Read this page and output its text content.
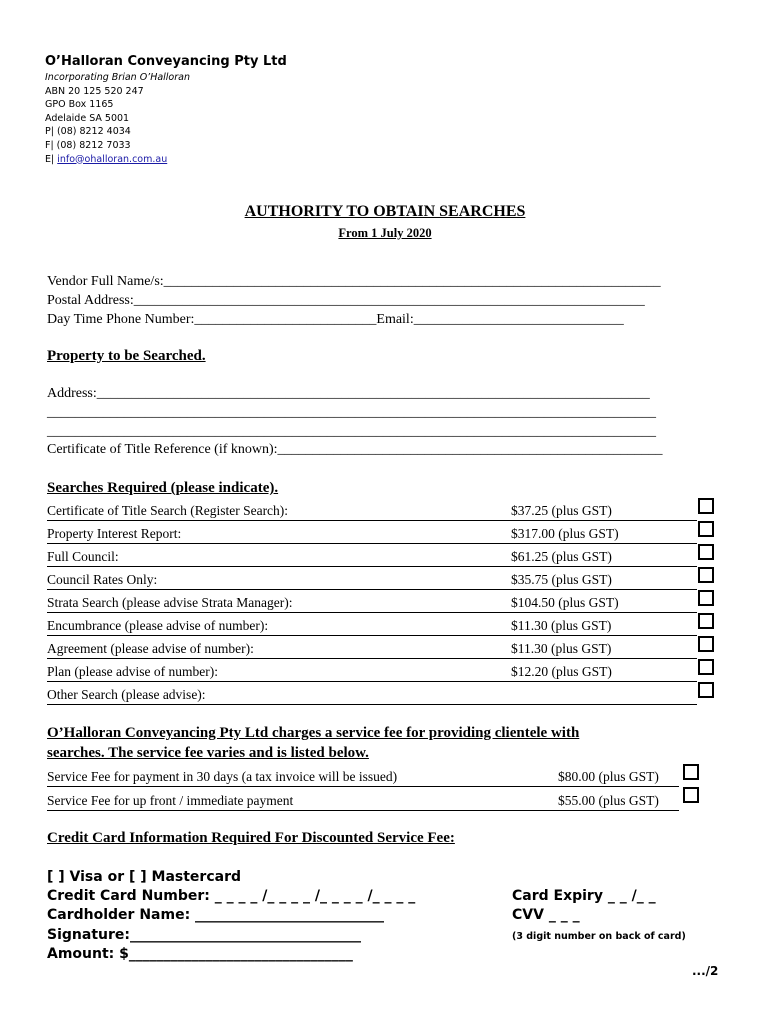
O’Halloran Conveyancing Pty Ltd
Incorporating Brian O’Halloran
ABN 20 125 520 247
GPO Box 1165
Adelaide SA 5001
P| (08) 8212 4034
F| (08) 8212 7033
E| info@ohalloran.com.au
AUTHORITY TO OBTAIN SEARCHES
From 1 July 2020
Vendor Full Name/s:_______________________________________________________________________
Postal Address:_________________________________________________________________________
Day Time Phone Number:__________________________Email:______________________________
Property to be Searched.
Address:_______________________________________________________________________________
_______________________________________________________________________________________
_______________________________________________________________________________________
Certificate of Title Reference (if known):_______________________________________________________
Searches Required (please indicate).
Certificate of Title Search (Register Search):	$37.25 (plus GST)
Property Interest Report:	$317.00 (plus GST)
Full Council:	$61.25 (plus GST)
Council Rates Only:	$35.75 (plus GST)
Strata Search (please advise Strata Manager):	$104.50 (plus GST)
Encumbrance (please advise of number):	$11.30 (plus GST)
Agreement (please advise of number):	$11.30 (plus GST)
Plan (please advise of number):	$12.20 (plus GST)
Other Search (please advise):
O’Halloran Conveyancing Pty Ltd charges a service fee for providing clientele with
searches. The service fee varies and is listed below.
Service Fee for payment in 30 days (a tax invoice will be issued)	$80.00 (plus GST)
Service Fee for up front / immediate payment	$55.00 (plus GST)
Credit Card Information Required For Discounted Service Fee:
[ ] Visa or [ ] Mastercard
Credit Card Number: _ _ _ _ /_ _ _ _ /_ _ _ _ /_ _ _ _	Card Expiry _ _ /_ _
Cardholder Name: ___________________________	CVV _ _ _
Signature:_________________________________	(3 digit number on back of card)
Amount: $________________________________
.../2
